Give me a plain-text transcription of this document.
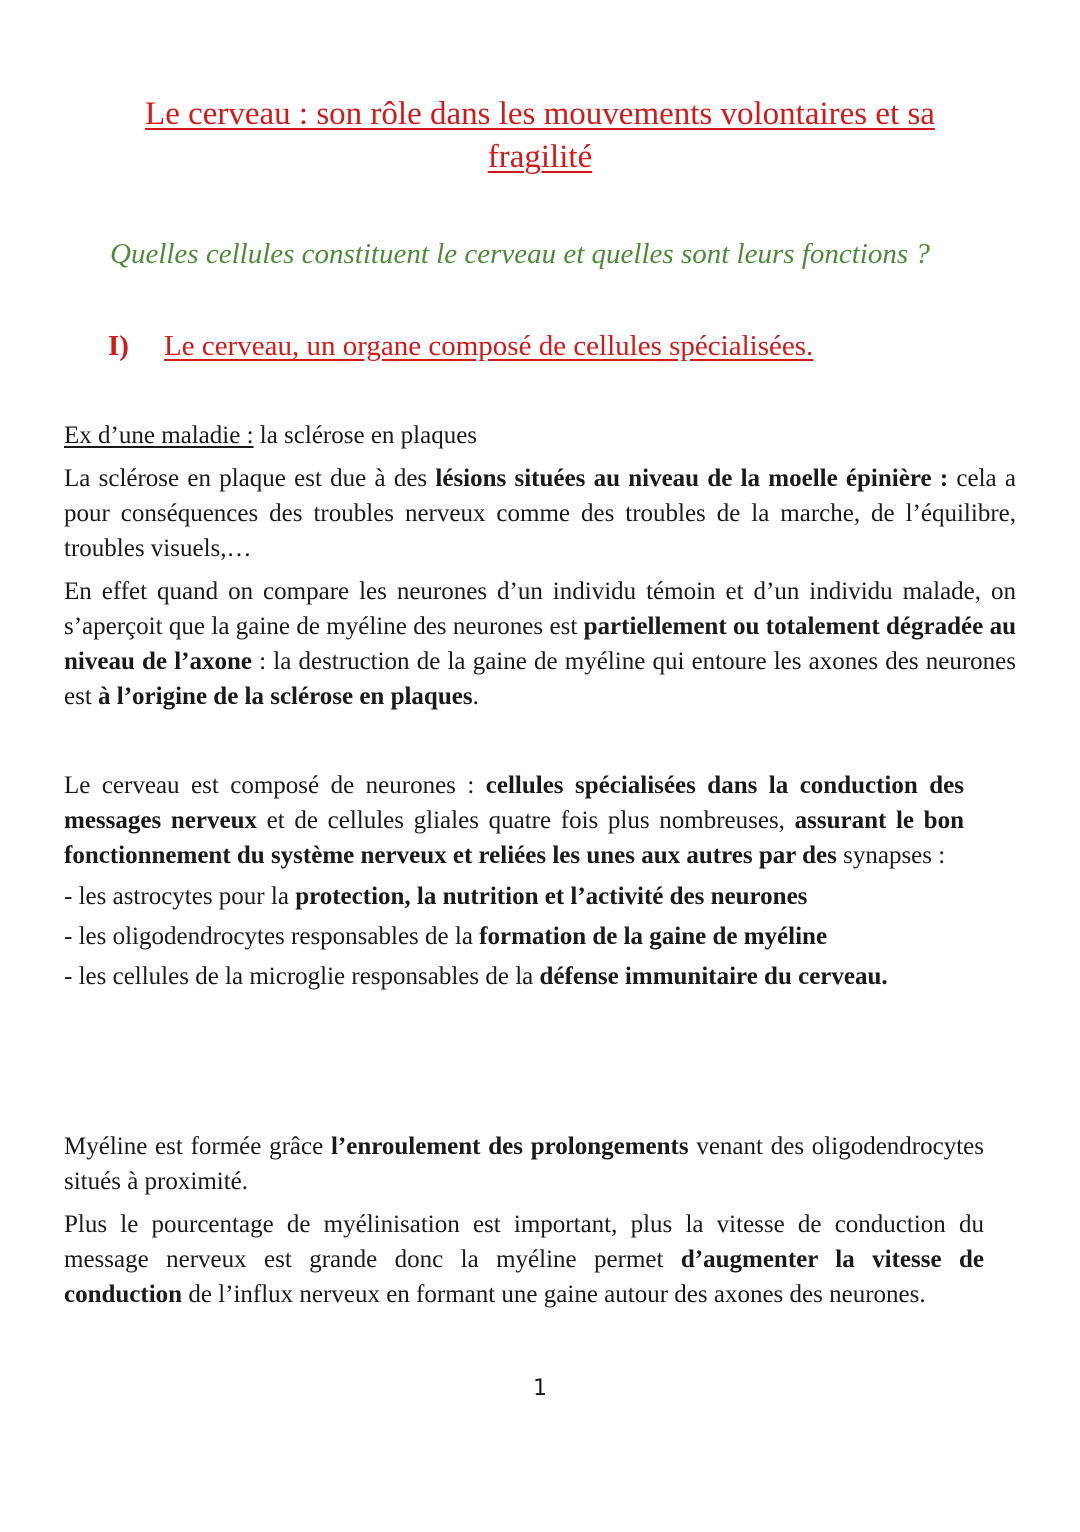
Le cerveau : son rôle dans les mouvements volontaires et sa
fragilité
Quelles cellules constituent le cerveau et quelles sont leurs fonctions ?
I) Le cerveau, un organe composé de cellules spécialisées.

Ex d’une maladie : la sclérose en plaques

La sclérose en plaque est due à des lésions situées au niveau de la moelle épinière : cela a pour conséquences des troubles nerveux comme des troubles de la marche, de l’équilibre, troubles visuels,…

En effet quand on compare les neurones d’un individu témoin et d’un individu malade, on s’aperçoit que la gaine de myéline des neurones est partiellement ou totalement dégradée au niveau de l’axone : la destruction de la gaine de myéline qui entoure les axones des neurones est à l’origine de la sclérose en plaques.

Le cerveau est composé de neurones : cellules spécialisées dans la conduction des messages nerveux et de cellules gliales quatre fois plus nombreuses, assurant le bon fonctionnement du système nerveux et reliées les unes aux autres par des synapses :

- les astrocytes pour la protection, la nutrition et l’activité des neurones

- les oligodendrocytes responsables de la formation de la gaine de myéline

- les cellules de la microglie responsables de la défense immunitaire du cerveau.

Myéline est formée grâce l’enroulement des prolongements venant des oligodendrocytes situés à proximité.

Plus le pourcentage de myélinisation est important, plus la vitesse de conduction du message nerveux est grande donc la myéline permet d’augmenter la vitesse de conduction de l’influx nerveux en formant une gaine autour des axones des neurones.

1
